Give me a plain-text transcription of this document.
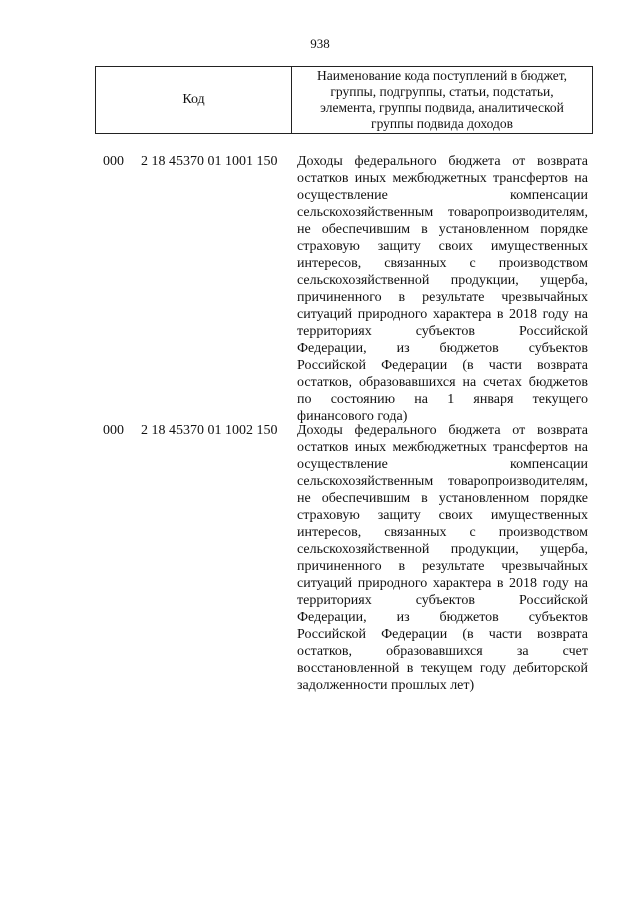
938
Код
Наименование кода поступлений в бюджет,
группы, подгруппы, статьи, подстатьи,
элемента, группы подвида, аналитической
группы подвида доходов
000 2 18 45370 01 1001 150 Доходы федерального бюджета от возврата
остатков иных межбюджетных трансфертов на
осуществление компенсации
сельскохозяйственным товаропроизводителям,
не обеспечившим в установленном порядке
страховую защиту своих имущественных
интересов, связанных с производством
сельскохозяйственной продукции, ущерба,
причиненного в результате чрезвычайных
ситуаций природного характера в 2018 году на
территориях субъектов Российской
Федерации, из бюджетов субъектов
Российской Федерации (в части возврата
остатков, образовавшихся на счетах бюджетов
по состоянию на 1 января текущего
финансового года)
000 2 18 45370 01 1002 150 Доходы федерального бюджета от возврата
остатков иных межбюджетных трансфертов на
осуществление компенсации
сельскохозяйственным товаропроизводителям,
не обеспечившим в установленном порядке
страховую защиту своих имущественных
интересов, связанных с производством
сельскохозяйственной продукции, ущерба,
причиненного в результате чрезвычайных
ситуаций природного характера в 2018 году на
территориях субъектов Российской
Федерации, из бюджетов субъектов
Российской Федерации (в части возврата
остатков, образовавшихся за счет
восстановленной в текущем году дебиторской
задолженности прошлых лет)
